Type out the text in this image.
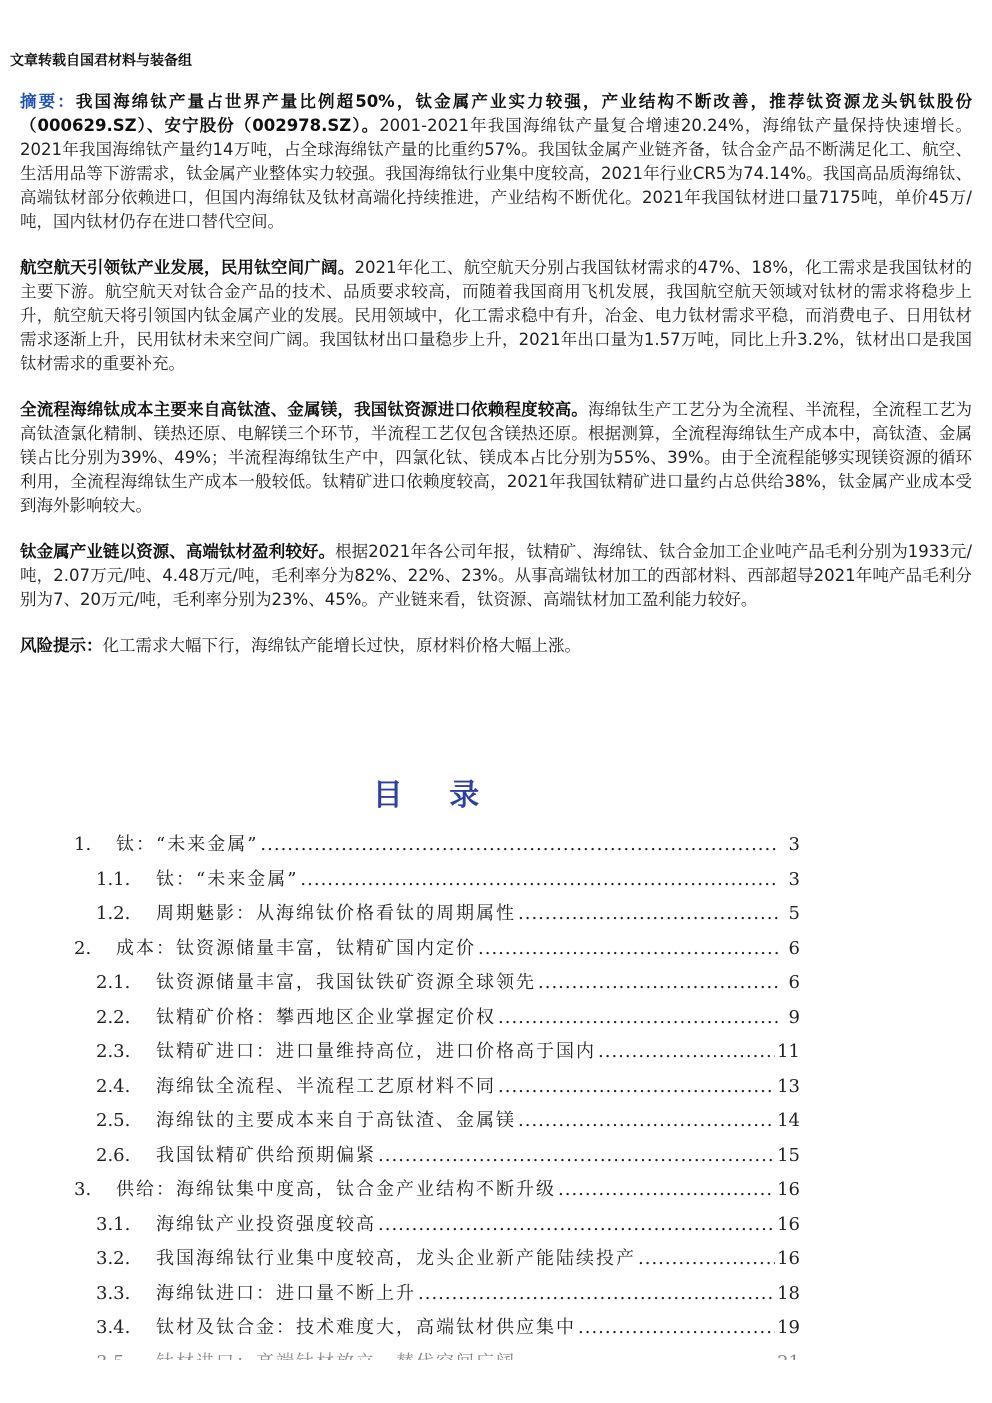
文章转载自国君材料与装备组

摘要：我国海绵钛产量占世界产量比例超50%，钛金属产业实力较强，产业结构不断改善，推荐钛资源龙头钒钛股份（000629.SZ）、安宁股份（002978.SZ）。2001-2021年我国海绵钛产量复合增速20.24%，海绵钛产量保持快速增长。2021年我国海绵钛产量约14万吨，占全球海绵钛产量的比重约57%。我国钛金属产业链齐备，钛合金产品不断满足化工、航空、生活用品等下游需求，钛金属产业整体实力较强。我国海绵钛行业集中度较高，2021年行业CR5为74.14%。我国高品质海绵钛、高端钛材部分依赖进口，但国内海绵钛及钛材高端化持续推进，产业结构不断优化。2021年我国钛材进口量7175吨，单价45万/吨，国内钛材仍存在进口替代空间。

航空航天引领钛产业发展，民用钛空间广阔。2021年化工、航空航天分别占我国钛材需求的47%、18%，化工需求是我国钛材的主要下游。航空航天对钛合金产品的技术、品质要求较高，而随着我国商用飞机发展，我国航空航天领域对钛材的需求将稳步上升，航空航天将引领国内钛金属产业的发展。民用领域中，化工需求稳中有升，冶金、电力钛材需求平稳，而消费电子、日用钛材需求逐渐上升，民用钛材未来空间广阔。我国钛材出口量稳步上升，2021年出口量为1.57万吨，同比上升3.2%，钛材出口是我国钛材需求的重要补充。

全流程海绵钛成本主要来自高钛渣、金属镁，我国钛资源进口依赖程度较高。海绵钛生产工艺分为全流程、半流程，全流程工艺为高钛渣氯化精制、镁热还原、电解镁三个环节，半流程工艺仅包含镁热还原。根据测算，全流程海绵钛生产成本中，高钛渣、金属镁占比分别为39%、49%；半流程海绵钛生产中，四氯化钛、镁成本占比分别为55%、39%。由于全流程能够实现镁资源的循环利用，全流程海绵钛生产成本一般较低。钛精矿进口依赖度较高，2021年我国钛精矿进口量约占总供给38%，钛金属产业成本受到海外影响较大。

钛金属产业链以资源、高端钛材盈利较好。根据2021年各公司年报，钛精矿、海绵钛、钛合金加工企业吨产品毛利分别为1933元/吨，2.07万元/吨、4.48万元/吨，毛利率分为82%、22%、23%。从事高端钛材加工的西部材料、西部超导2021年吨产品毛利分别为7、20万元/吨，毛利率分别为23%、45%。产业链来看，钛资源、高端钛材加工盈利能力较好。

风险提示：化工需求大幅下行，海绵钛产能增长过快，原材料价格大幅上涨。

目 录
1.	钛：“未来金属” .....	3
1.1.	钛：“未来金属” .....	3
1.2.	周期魅影：从海绵钛价格看钛的周期属性 .....	5
2.	成本：钛资源储量丰富，钛精矿国内定价 .....	6
2.1.	钛资源储量丰富，我国钛铁矿资源全球领先 .....	6
2.2.	钛精矿价格：攀西地区企业掌握定价权 .....	9
2.3.	钛精矿进口：进口量维持高位，进口价格高于国内 .....	11
2.4.	海绵钛全流程、半流程工艺原材料不同 .....	13
2.5.	海绵钛的主要成本来自于高钛渣、金属镁 .....	14
2.6.	我国钛精矿供给预期偏紧 .....	15
3.	供给：海绵钛集中度高，钛合金产业结构不断升级 .....	16
3.1.	海绵钛产业投资强度较高 .....	16
3.2.	我国海绵钛行业集中度较高，龙头企业新产能陆续投产 .....	16
3.3.	海绵钛进口：进口量不断上升 .....	18
3.4.	钛材及钛合金：技术难度大，高端钛材供应集中 .....	19
.....
